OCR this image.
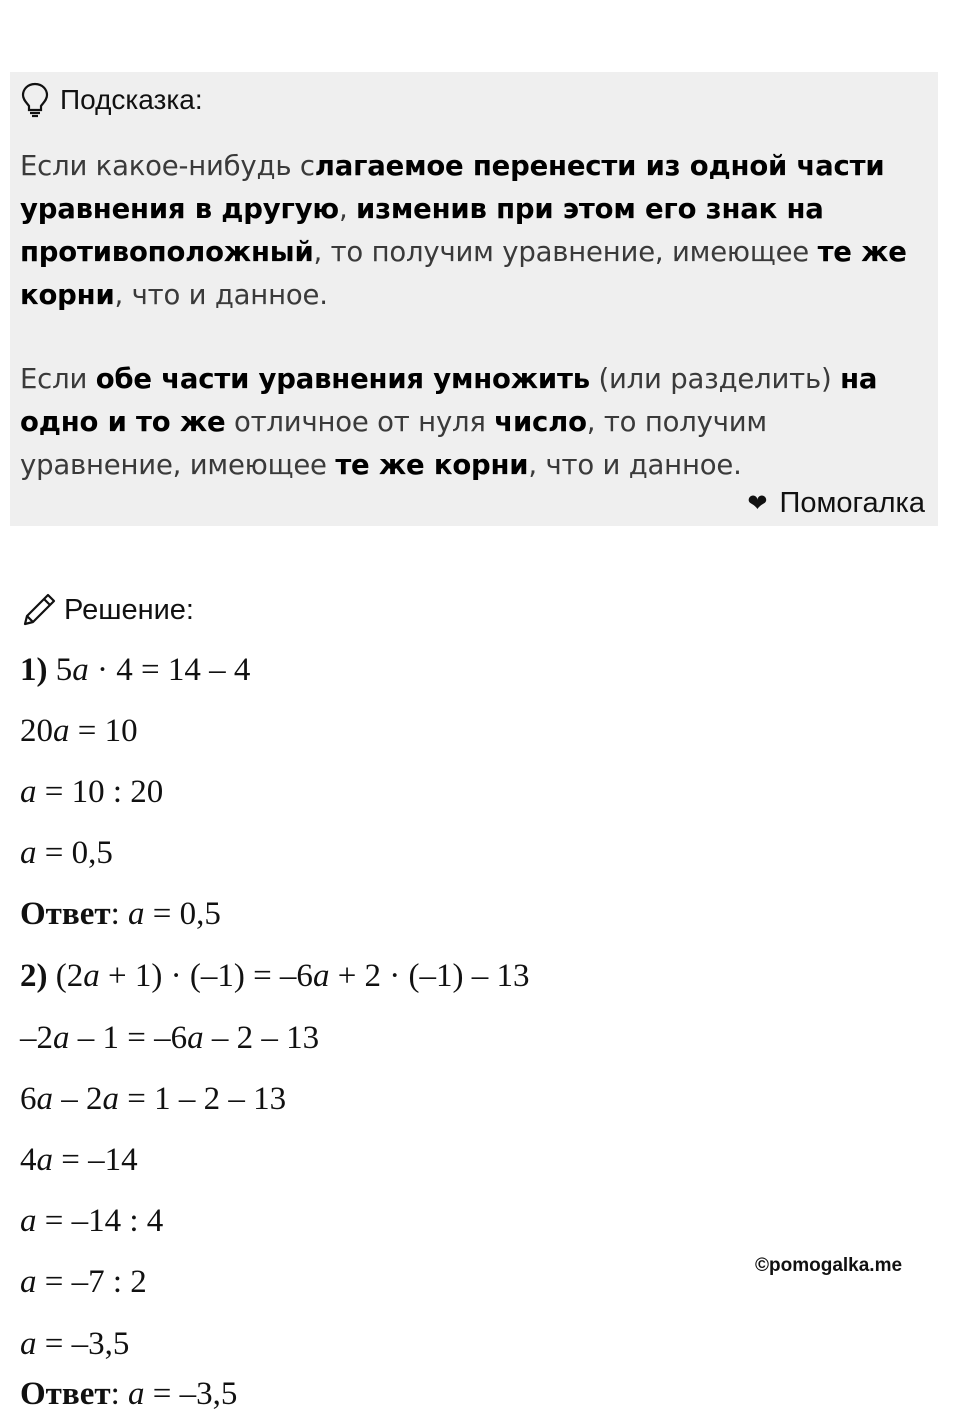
Подсказка:
Если какое-нибудь слагаемое перенести из одной части уравнения в другую, изменив при этом его знак на противоположный, то получим уравнение, имеющее те же корни, что и данное.
Если обе части уравнения умножить (или разделить) на одно и то же отличное от нуля число, то получим уравнение, имеющее те же корни, что и данное.
❤ Помогалка
Решение:
1) 5a · 4 = 14 – 4
20a = 10
a = 10 : 20
a = 0,5
Ответ: a = 0,5
2) (2a + 1) · (–1) = –6a + 2 · (–1) – 13
–2a – 1 = –6a – 2 – 13
6a – 2a = 1 – 2 – 13
4a = –14
a = –14 : 4
a = –7 : 2
a = –3,5
Ответ: a = –3,5
©pomogalka.me
